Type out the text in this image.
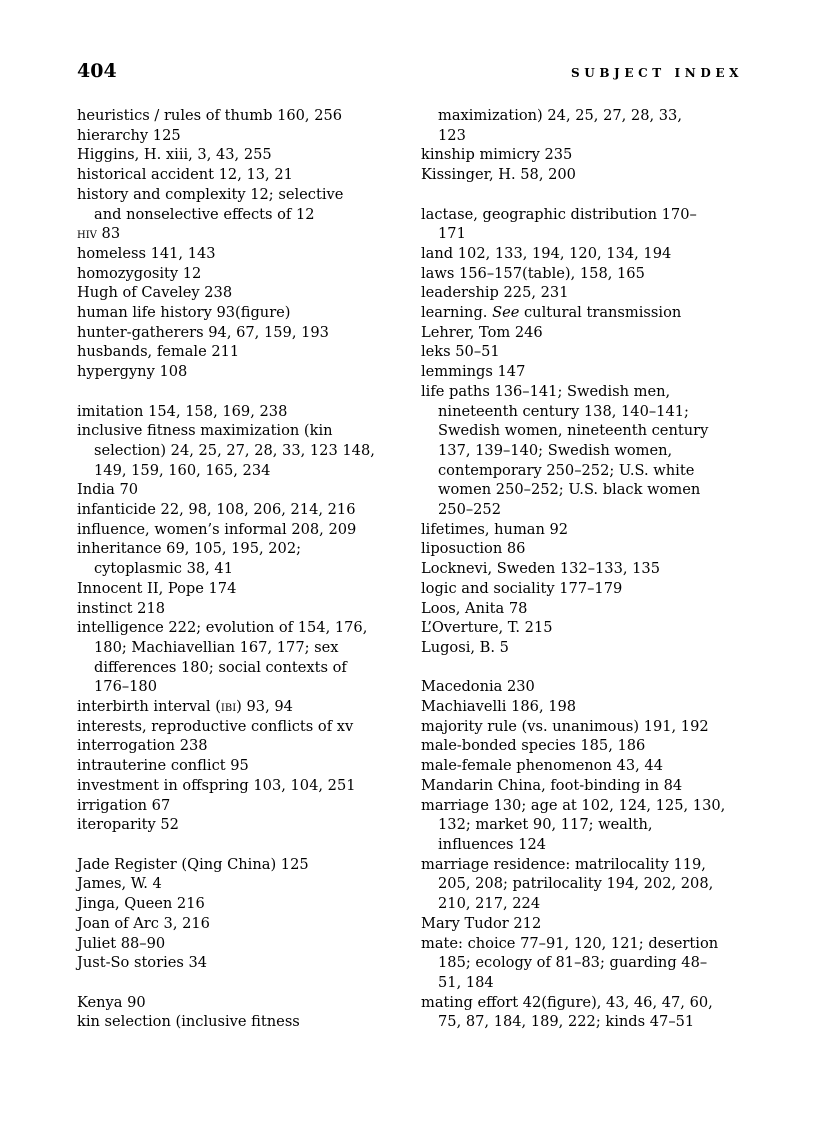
404	SUBJECT INDEX
heuristics / rules of thumb 160, 256
hierarchy 125
Higgins, H. xiii, 3, 43, 255
historical accident 12, 13, 21
history and complexity 12; selective
and nonselective effects of 12
hiv 83
homeless 141, 143
homozygosity 12
Hugh of Caveley 238
human life history 93(figure)
hunter-gatherers 94, 67, 159, 193
husbands, female 211
hypergyny 108
imitation 154, 158, 169, 238
inclusive fitness maximization (kin
selection) 24, 25, 27, 28, 33, 123 148,
149, 159, 160, 165, 234
India 70
infanticide 22, 98, 108, 206, 214, 216
influence, women’s informal 208, 209
inheritance 69, 105, 195, 202;
cytoplasmic 38, 41
Innocent II, Pope 174
instinct 218
intelligence 222; evolution of 154, 176,
180; Machiavellian 167, 177; sex
differences 180; social contexts of
176–180
interbirth interval (ibi) 93, 94
interests, reproductive conflicts of xv
interrogation 238
intrauterine conflict 95
investment in offspring 103, 104, 251
irrigation 67
iteroparity 52
Jade Register (Qing China) 125
James, W. 4
Jinga, Queen 216
Joan of Arc 3, 216
Juliet 88–90
Just-So stories 34
Kenya 90
kin selection (inclusive fitness
maximization) 24, 25, 27, 28, 33,
123
kinship mimicry 235
Kissinger, H. 58, 200
lactase, geographic distribution 170–
171
land 102, 133, 194, 120, 134, 194
laws 156–157(table), 158, 165
leadership 225, 231
learning. See cultural transmission
Lehrer, Tom 246
leks 50–51
lemmings 147
life paths 136–141; Swedish men,
nineteenth century 138, 140–141;
Swedish women, nineteenth century
137, 139–140; Swedish women,
contemporary 250–252; U.S. white
women 250–252; U.S. black women
250–252
lifetimes, human 92
liposuction 86
Locknevi, Sweden 132–133, 135
logic and sociality 177–179
Loos, Anita 78
L’Overture, T. 215
Lugosi, B. 5
Macedonia 230
Machiavelli 186, 198
majority rule (vs. unanimous) 191, 192
male-bonded species 185, 186
male-female phenomenon 43, 44
Mandarin China, foot-binding in 84
marriage 130; age at 102, 124, 125, 130,
132; market 90, 117; wealth,
influences 124
marriage residence: matrilocality 119,
205, 208; patrilocality 194, 202, 208,
210, 217, 224
Mary Tudor 212
mate: choice 77–91, 120, 121; desertion
185; ecology of 81–83; guarding 48–
51, 184
mating effort 42(figure), 43, 46, 47, 60,
75, 87, 184, 189, 222; kinds 47–51
